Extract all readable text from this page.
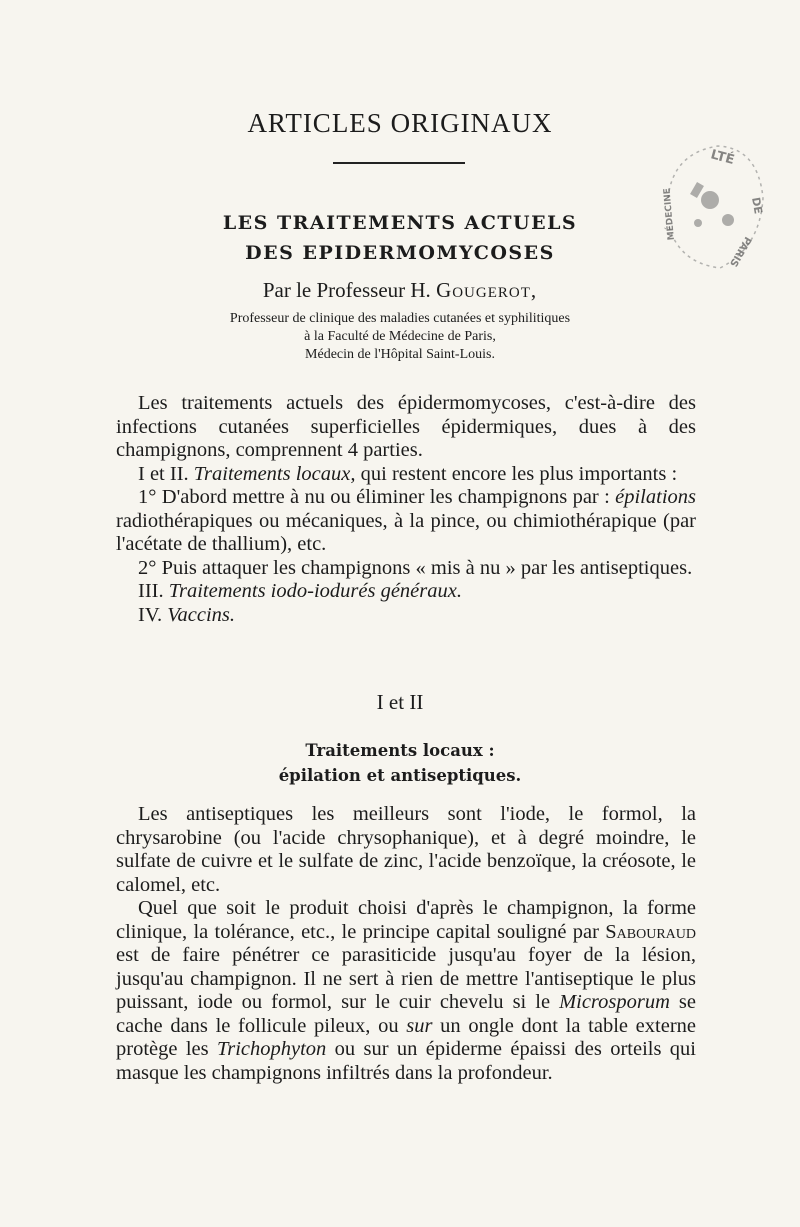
ARTICLES ORIGINAUX
LTÉ
DE
PARIS
MÉDECINE
LES TRAITEMENTS ACTUELS
DES EPIDERMOMYCOSES
Par le Professeur H. Gougerot,
Professeur de clinique des maladies cutanées et syphilitiques
à la Faculté de Médecine de Paris,
Médecin de l'Hôpital Saint-Louis.

Les traitements actuels des épidermomycoses, c'est-à-dire des infections cutanées superficielles épidermiques, dues à des champignons, comprennent 4 parties.

I et II. Traitements locaux, qui restent encore les plus importants :

1° D'abord mettre à nu ou éliminer les champignons par : épilations radiothérapiques ou mécaniques, à la pince, ou chimiothérapique (par l'acétate de thallium), etc.

2° Puis attaquer les champignons « mis à nu » par les antiseptiques.

III. Traitements iodo-iodurés généraux.

IV. Vaccins.

I et II
Traitements locaux :
épilation et antiseptiques.

Les antiseptiques les meilleurs sont l'iode, le formol, la chrysarobine (ou l'acide chrysophanique), et à degré moindre, le sulfate de cuivre et le sulfate de zinc, l'acide benzoïque, la créosote, le calomel, etc.

Quel que soit le produit choisi d'après le champignon, la forme clinique, la tolérance, etc., le principe capital souligné par Sabouraud est de faire pénétrer ce parasiticide jusqu'au foyer de la lésion, jusqu'au champignon. Il ne sert à rien de mettre l'antiseptique le plus puissant, iode ou formol, sur le cuir chevelu si le Microsporum se cache dans le follicule pileux, ou sur un ongle dont la table externe protège les Trichophyton ou sur un épiderme épaissi des orteils qui masque les champignons infiltrés dans la profondeur.
